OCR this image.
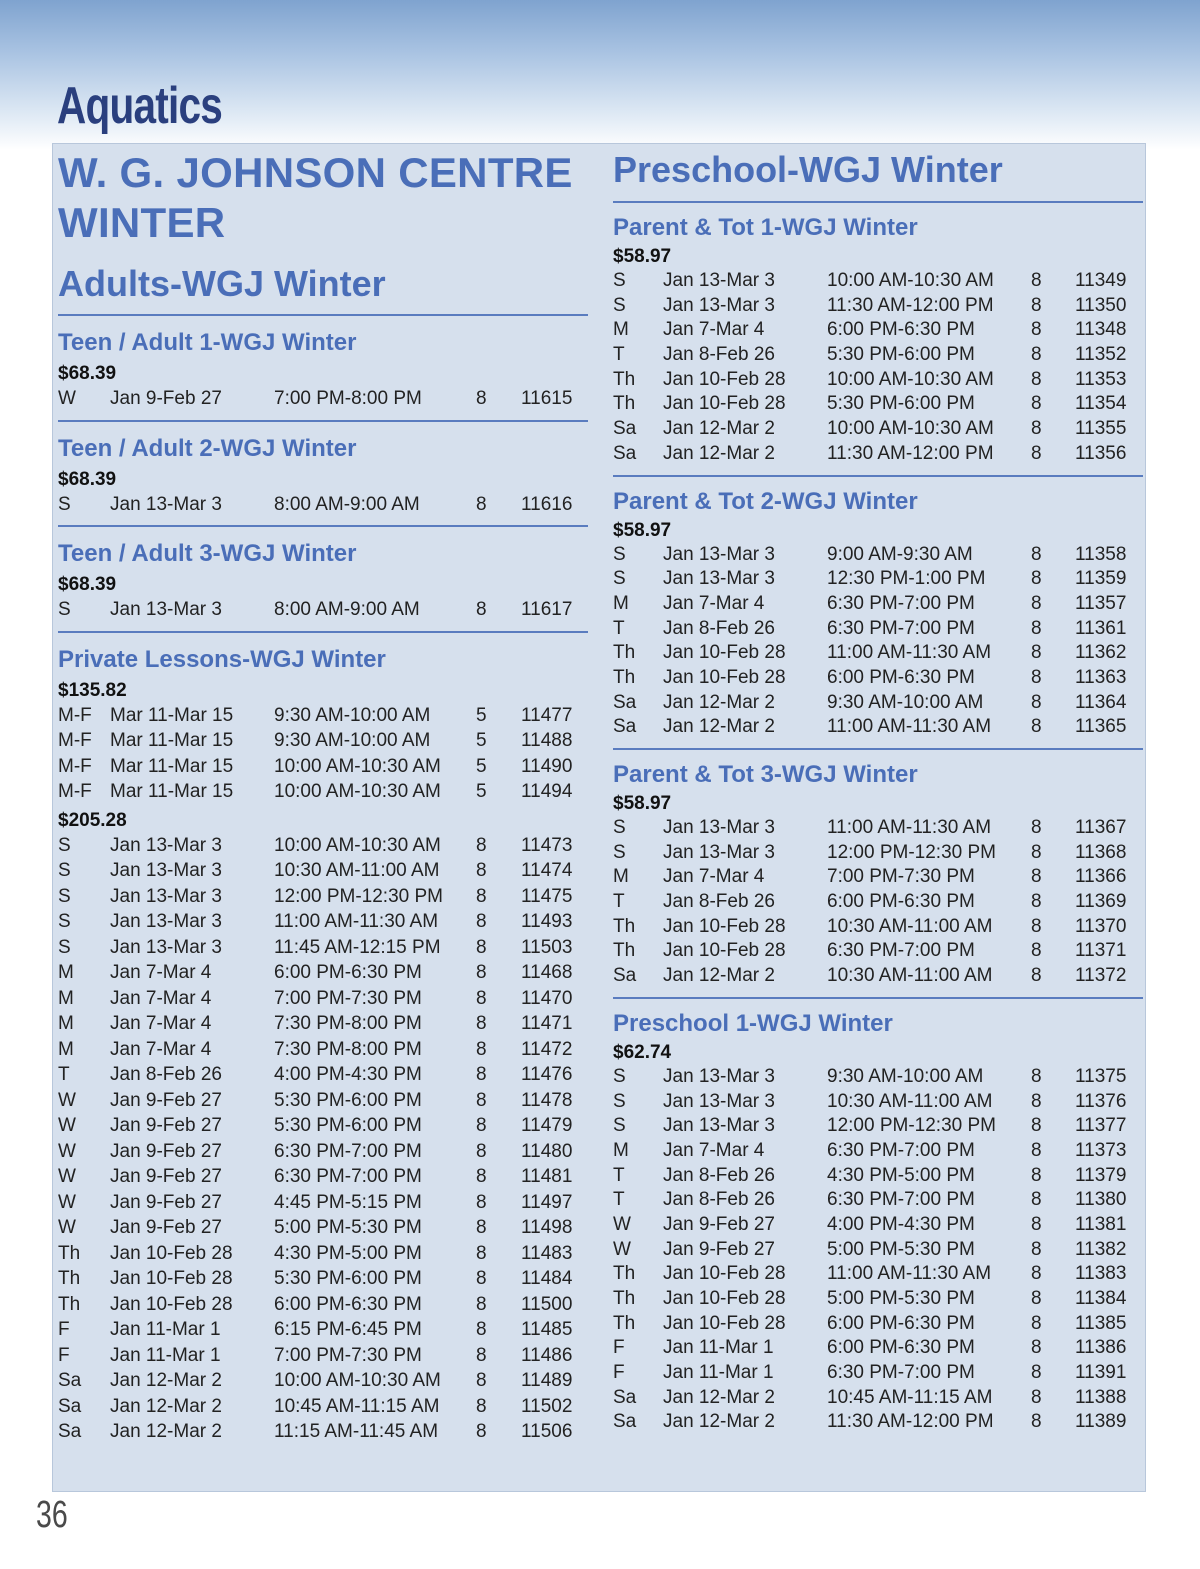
Aquatics
W. G. JOHNSON CENTRE
WINTER
Adults-WGJ Winter
Teen / Adult 1-WGJ Winter
$68.39
W Jan 9-Feb 27	7:00 PM-8:00 PM	8 11615
Teen / Adult 2-WGJ Winter
$68.39
S Jan 13-Mar 3	8:00 AM-9:00 AM	8 11616
Teen / Adult 3-WGJ Winter
$68.39
S Jan 13-Mar 3	8:00 AM-9:00 AM	8 11617
Private Lessons-WGJ Winter
$135.82
M-F Mar 11-Mar 15 9:30 AM-10:00 AM 5 11477
M-F Mar 11-Mar 15 9:30 AM-10:00 AM 5 11488
M-F Mar 11-Mar 15 10:00 AM-10:30 AM 5 11490
M-F Mar 11-Mar 15 10:00 AM-10:30 AM 5 11494
$205.28
S Jan 13-Mar 3	10:00 AM-10:30 AM 8 11473
S Jan 13-Mar 3	10:30 AM-11:00 AM 8 11474
S Jan 13-Mar 3	12:00 PM-12:30 PM 8 11475
S Jan 13-Mar 3	11:00 AM-11:30 AM 8 11493
S Jan 13-Mar 3	11:45 AM-12:15 PM 8 11503
M Jan 7-Mar 4	6:00 PM-6:30 PM	8 11468
M Jan 7-Mar 4	7:00 PM-7:30 PM	8 11470
M Jan 7-Mar 4	7:30 PM-8:00 PM	8 11471
M Jan 7-Mar 4	7:30 PM-8:00 PM	8 11472
T Jan 8-Feb 26	4:00 PM-4:30 PM	8 11476
W Jan 9-Feb 27	5:30 PM-6:00 PM	8 11478
W Jan 9-Feb 27	5:30 PM-6:00 PM	8 11479
W Jan 9-Feb 27	6:30 PM-7:00 PM	8 11480
W Jan 9-Feb 27	6:30 PM-7:00 PM	8 11481
W Jan 9-Feb 27	4:45 PM-5:15 PM	8 11497
W Jan 9-Feb 27	5:00 PM-5:30 PM	8 11498
Th Jan 10-Feb 28 4:30 PM-5:00 PM	8 11483
Th Jan 10-Feb 28 5:30 PM-6:00 PM	8 11484
Th Jan 10-Feb 28 6:00 PM-6:30 PM	8 11500
F Jan 11-Mar 1	6:15 PM-6:45 PM	8 11485
F Jan 11-Mar 1	7:00 PM-7:30 PM	8 11486
Sa Jan 12-Mar 2	10:00 AM-10:30 AM 8 11489
Sa Jan 12-Mar 2	10:45 AM-11:15 AM 8 11502
Sa Jan 12-Mar 2	11:15 AM-11:45 AM 8 11506
Preschool-WGJ Winter
Parent & Tot 1-WGJ Winter
$58.97
S Jan 13-Mar 3	10:00 AM-10:30 AM 8 11349
S Jan 13-Mar 3	11:30 AM-12:00 PM 8 11350
M Jan 7-Mar 4	6:00 PM-6:30 PM	8 11348
T Jan 8-Feb 26	5:30 PM-6:00 PM	8 11352
Th Jan 10-Feb 28 10:00 AM-10:30 AM 8 11353
Th Jan 10-Feb 28 5:30 PM-6:00 PM	8 11354
Sa Jan 12-Mar 2	10:00 AM-10:30 AM 8 11355
Sa Jan 12-Mar 2	11:30 AM-12:00 PM 8 11356
Parent & Tot 2-WGJ Winter
$58.97
S Jan 13-Mar 3	9:00 AM-9:30 AM	8 11358
S Jan 13-Mar 3	12:30 PM-1:00 PM 8 11359
M Jan 7-Mar 4	6:30 PM-7:00 PM	8 11357
T Jan 8-Feb 26	6:30 PM-7:00 PM	8 11361
Th Jan 10-Feb 28 11:00 AM-11:30 AM 8 11362
Th Jan 10-Feb 28 6:00 PM-6:30 PM	8 11363
Sa Jan 12-Mar 2	9:30 AM-10:00 AM	8 11364
Sa Jan 12-Mar 2	11:00 AM-11:30 AM 8 11365
Parent & Tot 3-WGJ Winter
$58.97
S Jan 13-Mar 3	11:00 AM-11:30 AM 8 11367
S Jan 13-Mar 3	12:00 PM-12:30 PM 8 11368
M Jan 7-Mar 4	7:00 PM-7:30 PM	8 11366
T Jan 8-Feb 26	6:00 PM-6:30 PM	8 11369
Th Jan 10-Feb 28 10:30 AM-11:00 AM 8 11370
Th Jan 10-Feb 28 6:30 PM-7:00 PM	8 11371
Sa Jan 12-Mar 2	10:30 AM-11:00 AM 8 11372
Preschool 1-WGJ Winter
$62.74
S Jan 13-Mar 3	9:30 AM-10:00 AM	8 11375
S Jan 13-Mar 3	10:30 AM-11:00 AM 8 11376
S Jan 13-Mar 3	12:00 PM-12:30 PM 8 11377
M Jan 7-Mar 4	6:30 PM-7:00 PM	8 11373
T Jan 8-Feb 26	4:30 PM-5:00 PM	8 11379
T Jan 8-Feb 26	6:30 PM-7:00 PM	8 11380
W Jan 9-Feb 27	4:00 PM-4:30 PM	8 11381
W Jan 9-Feb 27	5:00 PM-5:30 PM	8 11382
Th Jan 10-Feb 28 11:00 AM-11:30 AM 8 11383
Th Jan 10-Feb 28 5:00 PM-5:30 PM	8 11384
Th Jan 10-Feb 28 6:00 PM-6:30 PM	8 11385
F Jan 11-Mar 1	6:00 PM-6:30 PM	8 11386
F Jan 11-Mar 1	6:30 PM-7:00 PM	8 11391
Sa Jan 12-Mar 2	10:45 AM-11:15 AM 8 11388
Sa Jan 12-Mar 2	11:30 AM-12:00 PM 8 11389
36
